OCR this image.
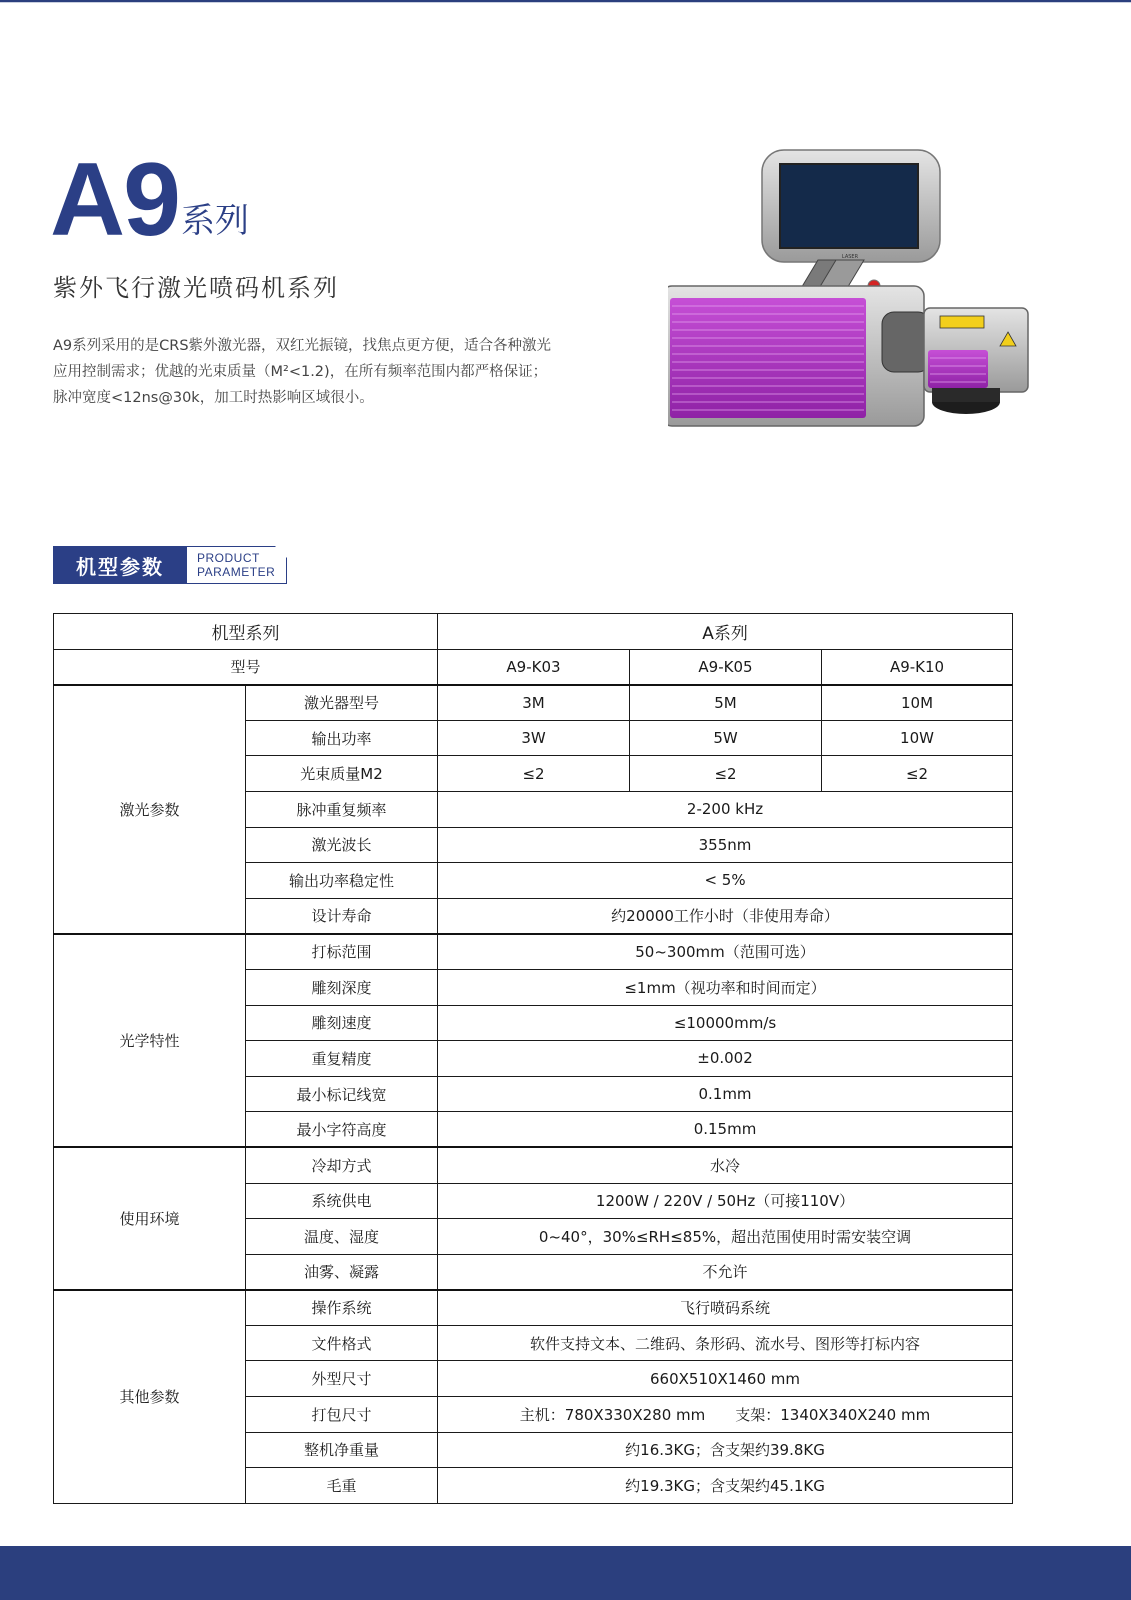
A9 系列
紫外飞行激光喷码机系列
A9系列采用的是CRS紫外激光器，双红光振镜，找焦点更方便，适合各种激光
应用控制需求；优越的光束质量（M²<1.2)，在所有频率范围内都严格保证；
脉冲宽度<12ns@30k，加工时热影响区域很小。
LASER
机型参数	PRODUCT
PARAMETER
机型系列		A系列		
型号		A9-K03	A9-K05	A9-K10
激光参数	激光器型号	3M	5M	10M
	输出功率	3W	5W	10W
	光束质量M2	≤2	≤2	≤2
	脉冲重复频率	2-200 kHz		
	激光波长	355nm		
	输出功率稳定性	< 5%		
	设计寿命	约20000工作小时（非使用寿命）		
光学特性	打标范围	50~300mm（范围可选）		
	雕刻深度	≤1mm（视功率和时间而定）		
	雕刻速度	≤10000mm/s		
	重复精度	±0.002		
	最小标记线宽	0.1mm		
	最小字符高度	0.15mm		
使用环境	冷却方式	水冷		
	系统供电	1200W / 220V / 50Hz（可接110V）		
	温度、湿度	0~40°，30%≤RH≤85%，超出范围使用时需安装空调		
	油雾、凝露	不允许		
其他参数	操作系统	飞行喷码系统		
	文件格式	软件支持文本、二维码、条形码、流水号、图形等打标内容		
	外型尺寸	660X510X1460 mm		
	打包尺寸	主机：780X330X280 mm　　支架：1340X340X240 mm		
	整机净重量	约16.3KG；含支架约39.8KG		
	毛重	约19.3KG；含支架约45.1KG		
